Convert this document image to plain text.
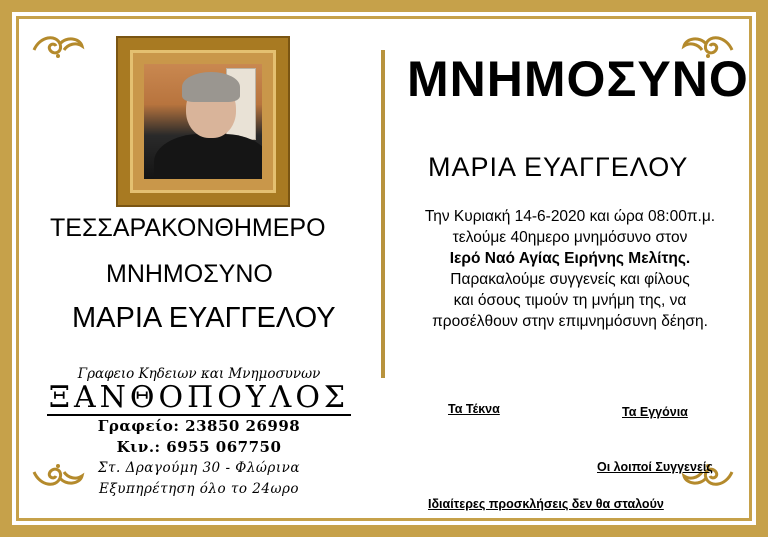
ΤΕΣΣΑΡΑΚΟΝΘΗΜΕΡΟ
ΜΝΗΜΟΣΥΝΟ
ΜΑΡΙΑ ΕΥΑΓΓΕΛΟΥ
Γραφειο Κηδειων και Μνημοσυνων
ΞΑΝΘΟΠΟΥΛΟΣ
Γραφείο: 23850 26998
Κιν.: 6955 067750
Στ. Δραγούμη 30 - Φλώρινα
Εξυπηρέτηση όλο το 24ωρο
ΜΝΗΜΟΣΥΝΟ
ΜΑΡΙΑ ΕΥΑΓΓΕΛΟΥ
Την Κυριακή 14-6-2020 και ώρα 08:00π.μ.
τελούμε 40ημερο μνημόσυνο στον
Ιερό Ναό Αγίας Ειρήνης Μελίτης.
Παρακαλούμε συγγενείς και φίλους
και όσους τιμούν τη μνήμη της, να
προσέλθουν στην επιμνημόσυνη δέηση.
Τα Τέκνα	Τα Εγγόνια
Οι λοιποί Συγγενείς
Ιδιαίτερες προσκλήσεις δεν θα σταλούν
